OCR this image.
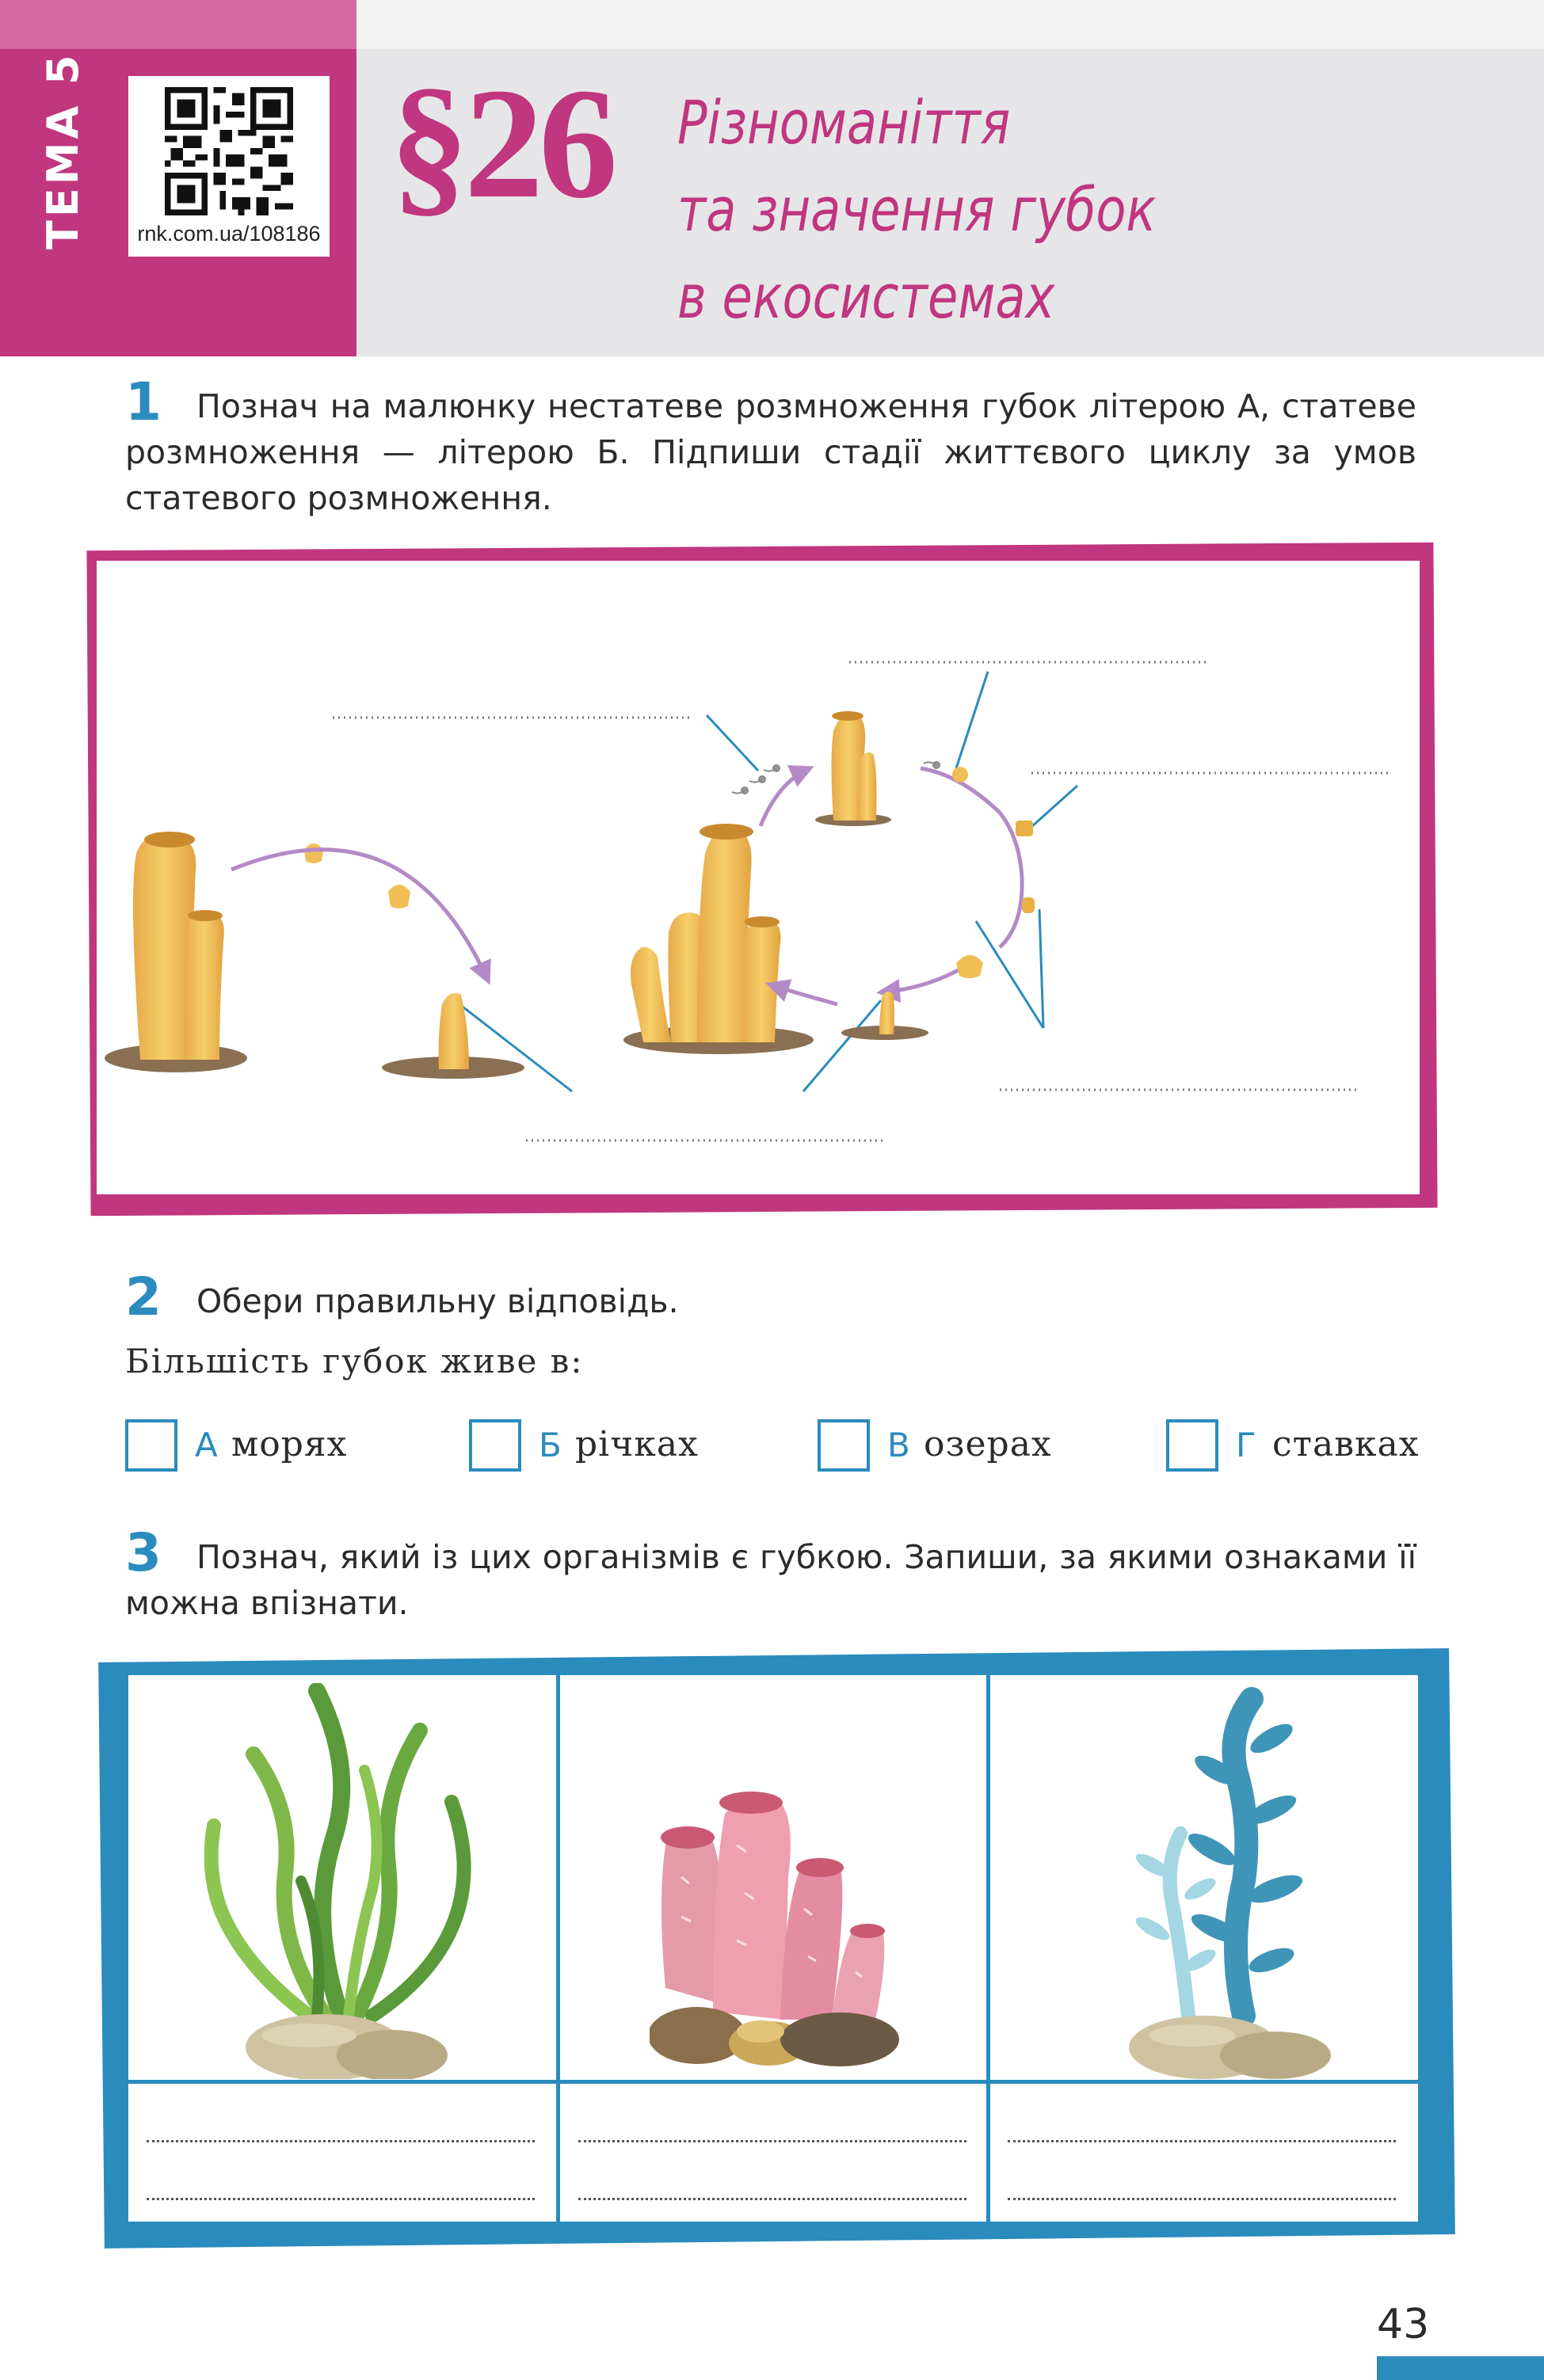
ТЕМА 5	rnk.com.ua/108186
§26 Різноманіття
та значення губок
в екосистемах
1	Познач на малюнку нестатеве розмноження губок літерою А, статеве розмноження — літерою Б. Підпиши стадії життєвого циклу за умов статевого розмноження.
2 Обери правильну відповідь.
Більшість губок живе в:
А морях	Б річках	В озерах	Г ставках
3	Познач, який із цих організмів є губкою. Запиши, за якими ознаками її можна впізнати.
43
